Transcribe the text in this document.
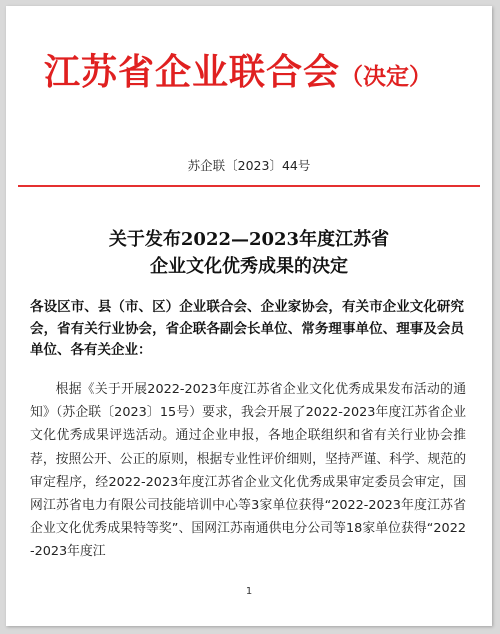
江苏省企业联合会（决定）
苏企联〔2023〕44号
关于发布2022—2023年度江苏省
企业文化优秀成果的决定
各设区市、县（市、区）企业联合会、企业家协会，有关市企业文化研究会，省有关行业协会，省企联各副会长单位、常务理事单位、理事及会员单位、各有关企业：
根据《关于开展2022-2023年度江苏省企业文化优秀成果发布活动的通知》（苏企联〔2023〕15号）要求，我会开展了2022-2023年度江苏省企业文化优秀成果评选活动。通过企业申报，各地企联组织和省有关行业协会推荐，按照公开、公正的原则，根据专业性评价细则，坚持严谨、科学、规范的审定程序，经2022-2023年度江苏省企业文化优秀成果审定委员会审定，国网江苏省电力有限公司技能培训中心等3家单位获得“2022-2023年度江苏省企业文化优秀成果特等奖”、国网江苏南通供电分公司等18家单位获得“2022-2023年度江
1
